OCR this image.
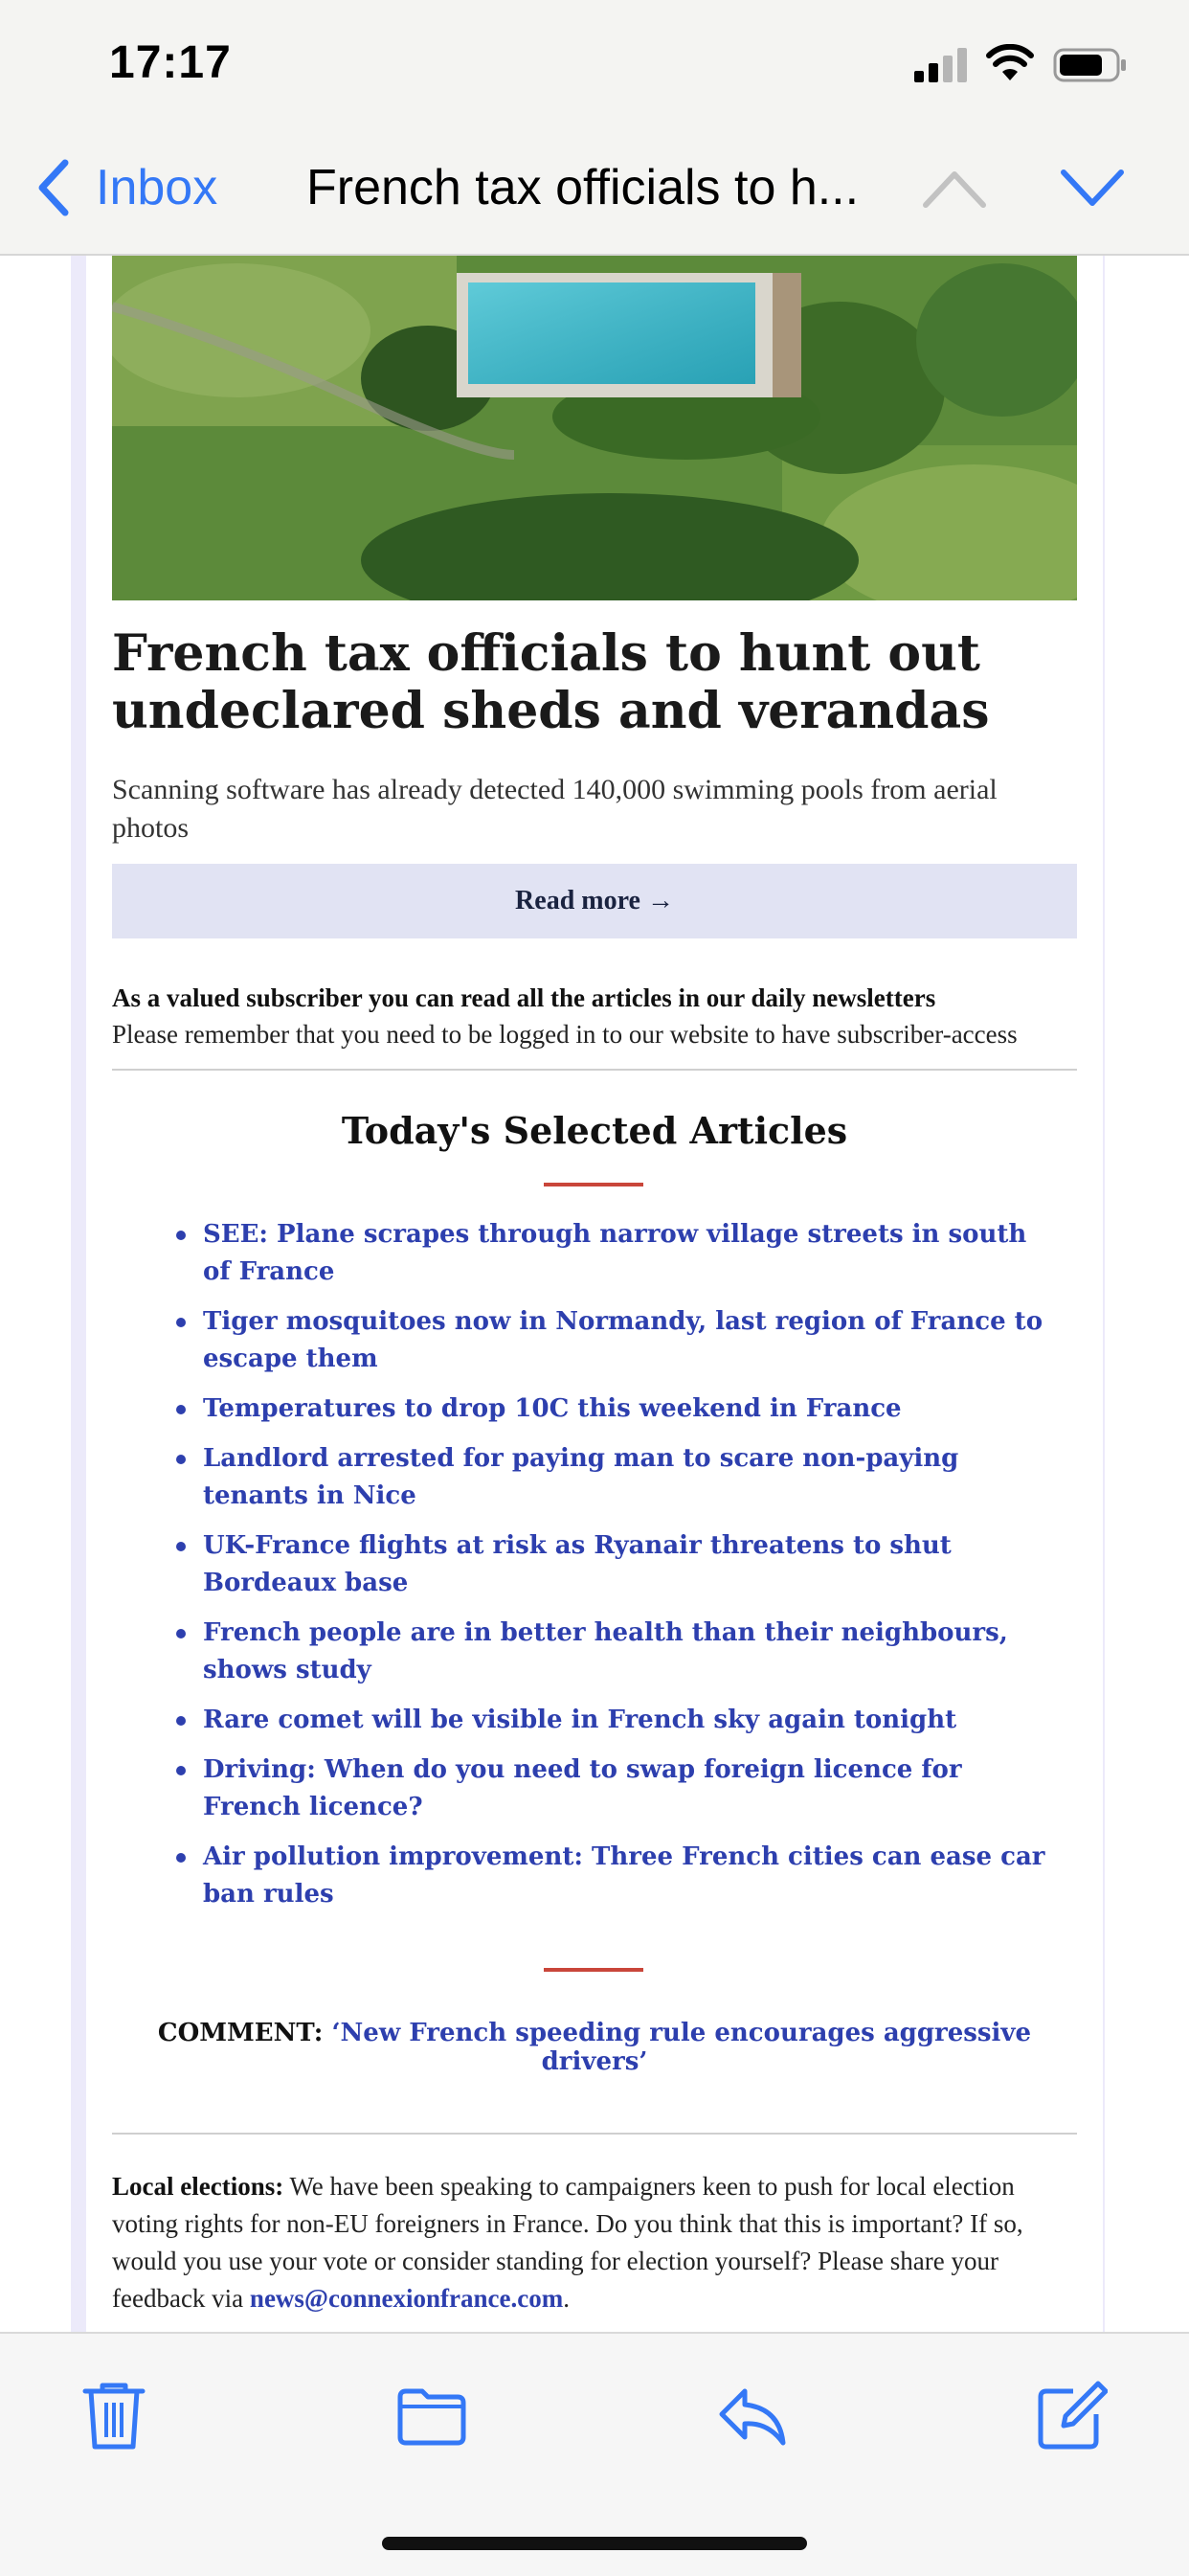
17:17
Inbox French tax officials to h...
French tax officials to hunt out undeclared sheds and verandas
Scanning software has already detected 140,000 swimming pools from aerial photos
Read more →
As a valued subscriber you can read all the articles in our daily newsletters
Please remember that you need to be logged in to our website to have subscriber-access
Today's Selected Articles
SEE: Plane scrapes through narrow village streets in south of France
Tiger mosquitoes now in Normandy, last region of France to escape them
Temperatures to drop 10C this weekend in France
Landlord arrested for paying man to scare non-paying tenants in Nice
UK-France flights at risk as Ryanair threatens to shut Bordeaux base
French people are in better health than their neighbours, shows study
Rare comet will be visible in French sky again tonight
Driving: When do you need to swap foreign licence for French licence?
Air pollution improvement: Three French cities can ease car ban rules
COMMENT: ‘New French speeding rule encourages aggressive drivers’
Local elections: We have been speaking to campaigners keen to push for local election voting rights for non-EU foreigners in France. Do you think that this is important? If so, would you use your vote or consider standing for election yourself? Please share your feedback via news@connexionfrance.com.
